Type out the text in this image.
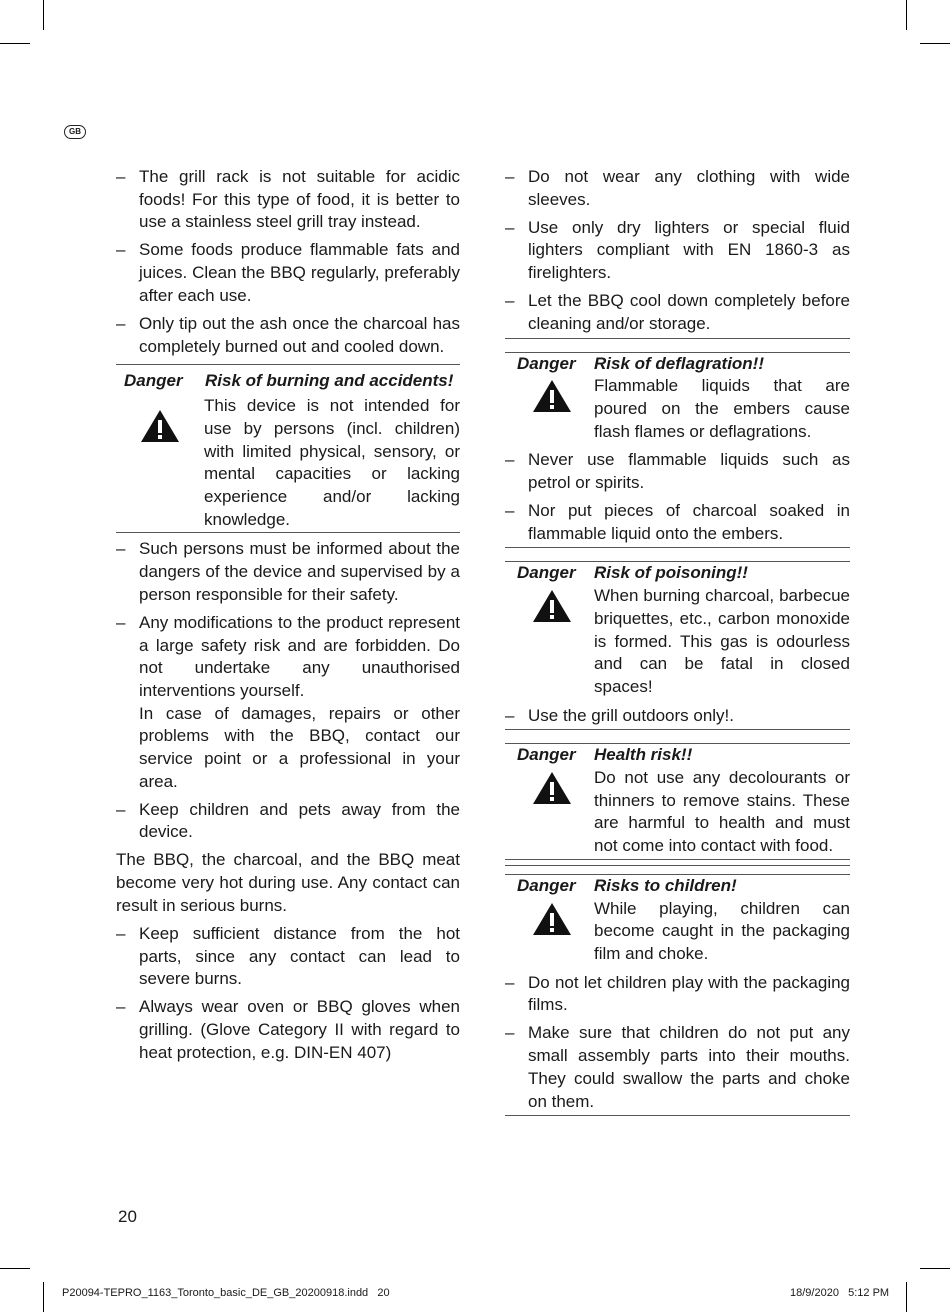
GB
– The grill rack is not suitable for acidic foods! For this type of food, it is better to use a stainless steel grill tray instead.
– Some foods produce flammable fats and juices. Clean the BBQ regularly, preferably after each use.
– Only tip out the ash once the charcoal has completely burned out and cooled down.
Danger	Risk of burning and accidents!
This device is not intended for use by persons (incl. children) with limited physical, sensory, or mental capacities or lacking experience and/or lacking knowledge.
– Such persons must be informed about the dangers of the device and supervised by a person responsible for their safety.
– Any modifications to the product represent a large safety risk and are forbidden. Do not undertake any unauthorised interventions yourself.
In case of damages, repairs or other problems with the BBQ, contact our service point or a professional in your area.
– Keep children and pets away from the device.
The BBQ, the charcoal, and the BBQ meat become very hot during use. Any contact can result in serious burns.
– Keep sufficient distance from the hot parts, since any contact can lead to severe burns.
– Always wear oven or BBQ gloves when grilling. (Glove Category II with regard to heat protection, e.g. DIN-EN 407)
– Do not wear any clothing with wide sleeves.
– Use only dry lighters or special fluid lighters compliant with EN 1860-3 as firelighters.
– Let the BBQ cool down completely before cleaning and/or storage.
Danger	Risk of deflagration!!
Flammable liquids that are poured on the embers cause flash flames or deflagrations.
– Never use flammable liquids such as petrol or spirits.
– Nor put pieces of charcoal soaked in flammable liquid onto the embers.
Danger	Risk of poisoning!!
When burning charcoal, barbecue briquettes, etc., carbon monoxide is formed. This gas is odourless and can be fatal in closed spaces!
– Use the grill outdoors only!.
Danger	Health risk!!
Do not use any decolourants or thinners to remove stains. These are harmful to health and must not come into contact with food.
Danger	Risks to children!
While playing, children can become caught in the packaging film and choke.
– Do not let children play with the packaging films.
– Make sure that children do not put any small assembly parts into their mouths. They could swallow the parts and choke on them.
20
P20094-TEPRO_1163_Toronto_basic_DE_GB_20200918.indd   20	18/9/2020   5:12 PM
